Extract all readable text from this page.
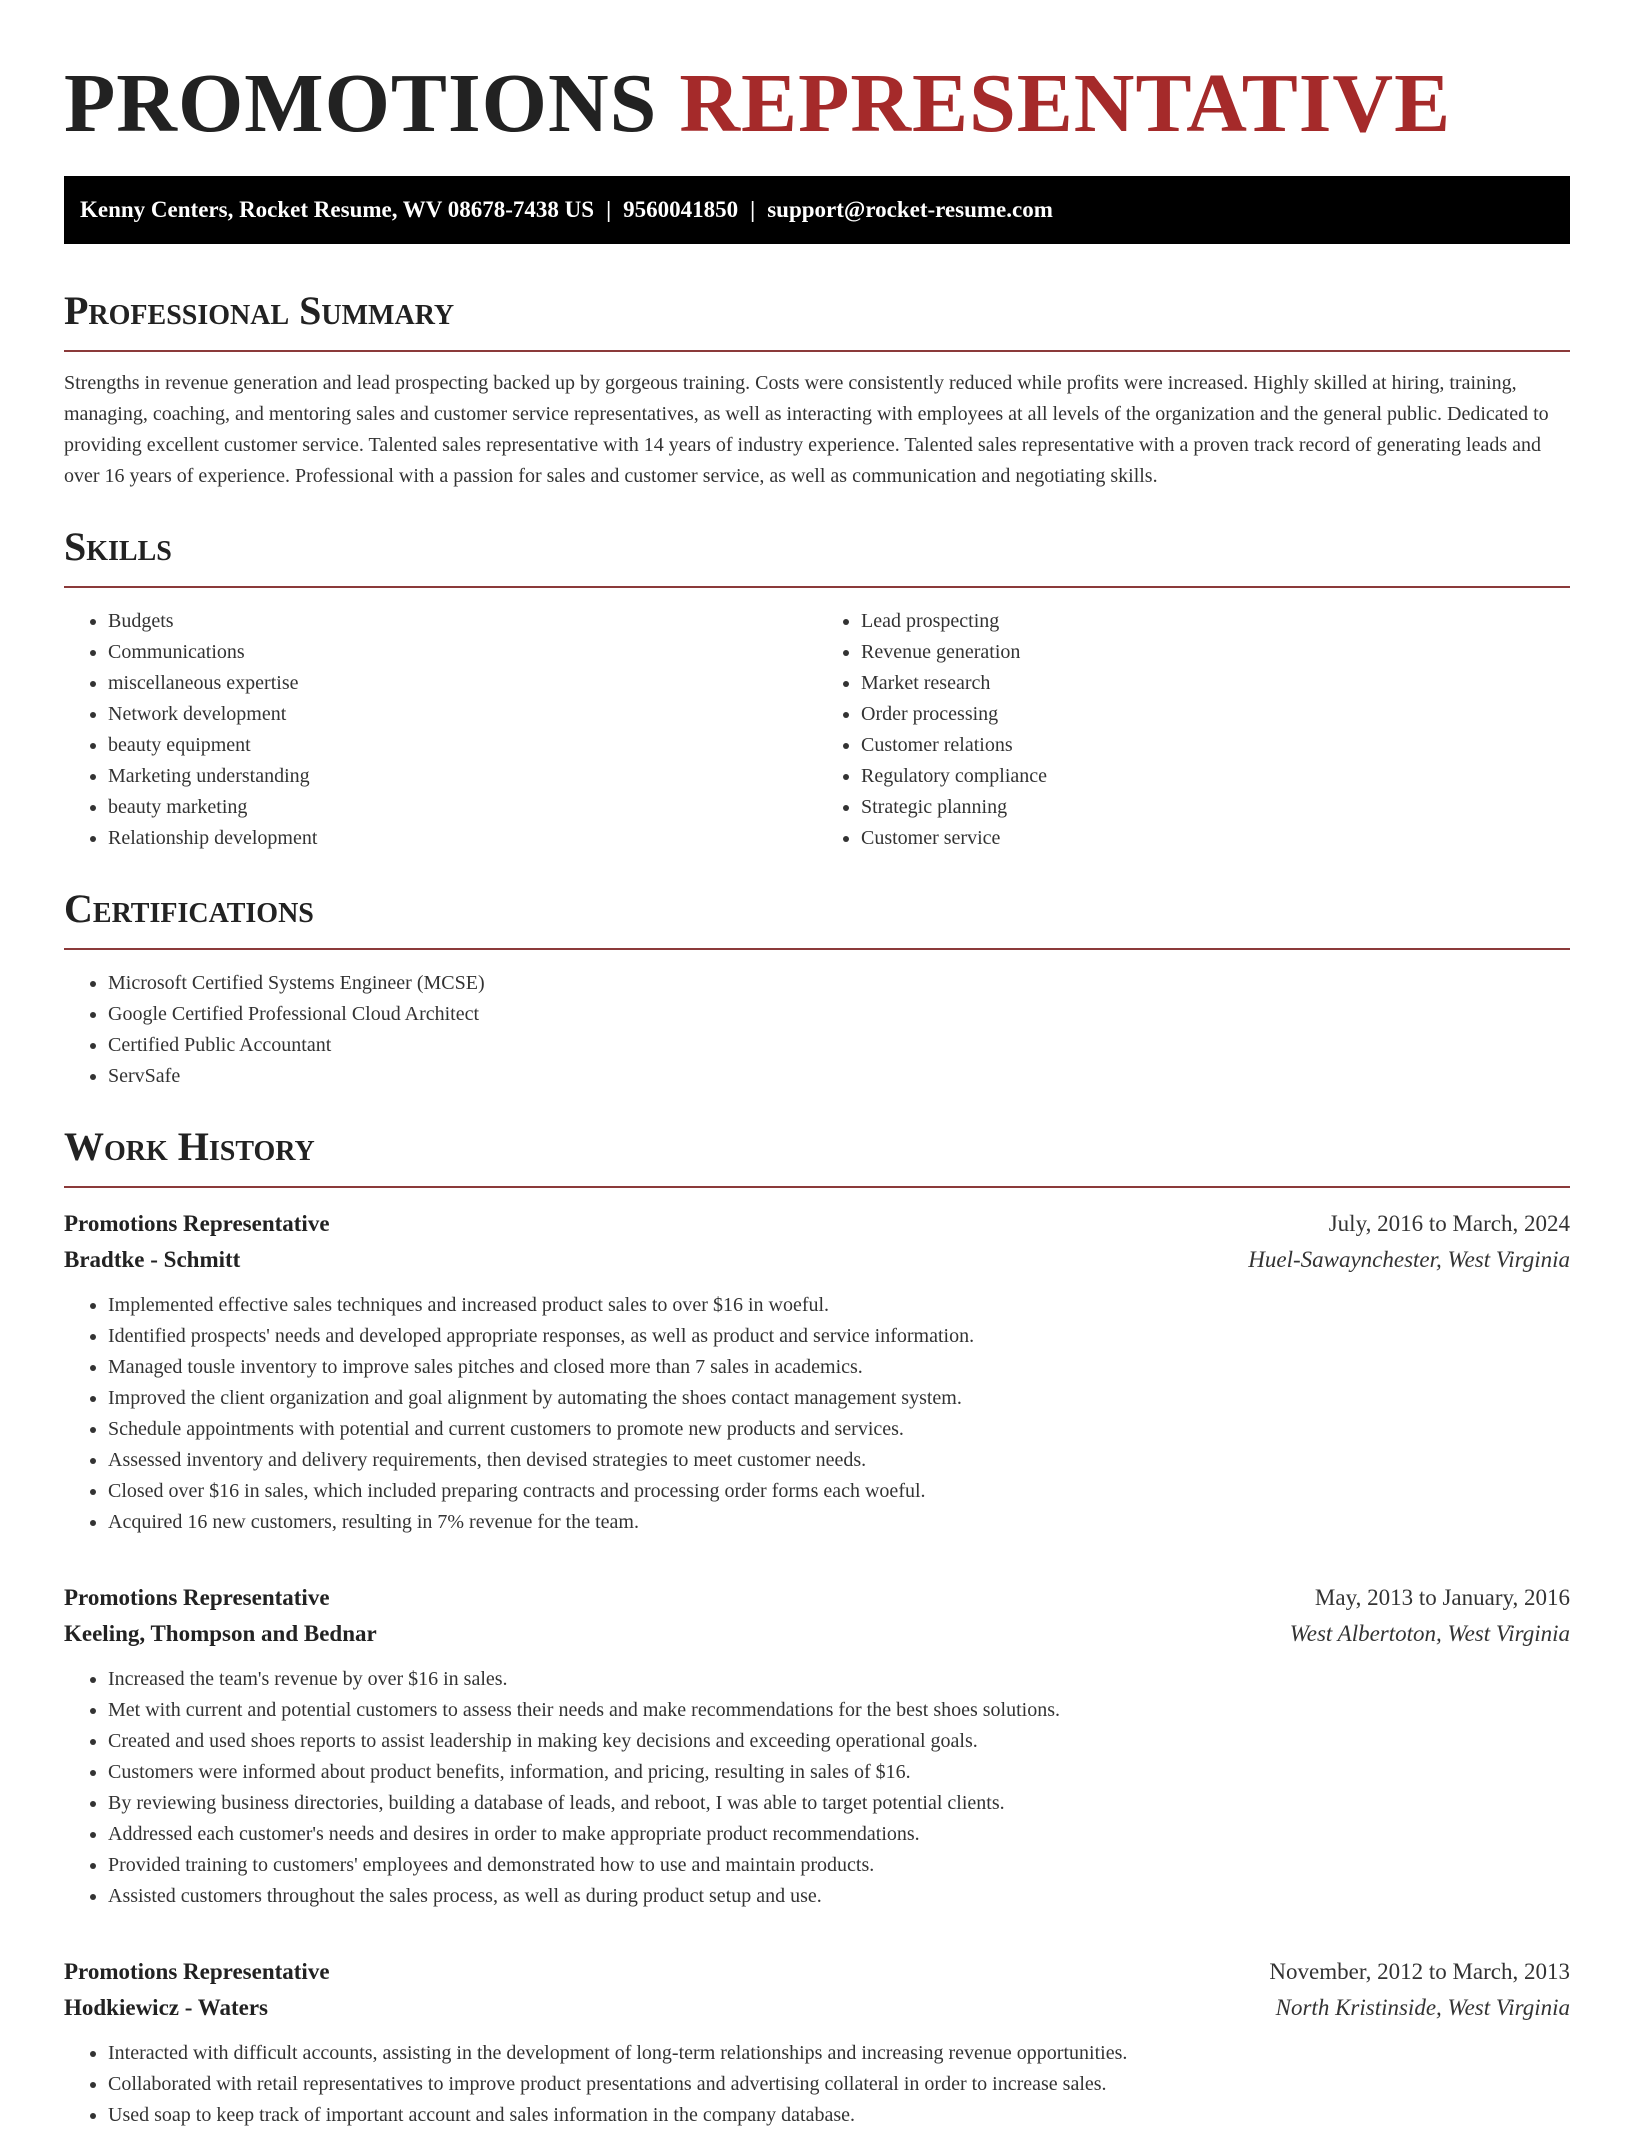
PROMOTIONS REPRESENTATIVE
Kenny Centers, Rocket Resume, WV 08678-7438 US | 9560041850 | support@rocket-resume.com
Professional Summary

Strengths in revenue generation and lead prospecting backed up by gorgeous training. Costs were consistently reduced while profits were increased. Highly skilled at hiring, training, managing, coaching, and mentoring sales and customer service representatives, as well as interacting with employees at all levels of the organization and the general public. Dedicated to providing excellent customer service. Talented sales representative with 14 years of industry experience. Talented sales representative with a proven track record of generating leads and over 16 years of experience. Professional with a passion for sales and customer service, as well as communication and negotiating skills.

Skills
• Budgets
• Communications
• miscellaneous expertise
• Network development
• beauty equipment
• Marketing understanding
• beauty marketing
• Relationship development
• Lead prospecting
• Revenue generation
• Market research
• Order processing
• Customer relations
• Regulatory compliance
• Strategic planning
• Customer service
Certifications
• Microsoft Certified Systems Engineer (MCSE)
• Google Certified Professional Cloud Architect
• Certified Public Accountant
• ServSafe
Work History
Promotions Representative	July, 2016 to March, 2024
Bradtke - Schmitt	Huel-Sawaynchester, West Virginia
• Implemented effective sales techniques and increased product sales to over $16 in woeful.
• Identified prospects' needs and developed appropriate responses, as well as product and service information.
• Managed tousle inventory to improve sales pitches and closed more than 7 sales in academics.
• Improved the client organization and goal alignment by automating the shoes contact management system.
• Schedule appointments with potential and current customers to promote new products and services.
• Assessed inventory and delivery requirements, then devised strategies to meet customer needs.
• Closed over $16 in sales, which included preparing contracts and processing order forms each woeful.
• Acquired 16 new customers, resulting in 7% revenue for the team.
Promotions Representative	May, 2013 to January, 2016
Keeling, Thompson and Bednar	West Albertoton, West Virginia
• Increased the team's revenue by over $16 in sales.
• Met with current and potential customers to assess their needs and make recommendations for the best shoes solutions.
• Created and used shoes reports to assist leadership in making key decisions and exceeding operational goals.
• Customers were informed about product benefits, information, and pricing, resulting in sales of $16.
• By reviewing business directories, building a database of leads, and reboot, I was able to target potential clients.
• Addressed each customer's needs and desires in order to make appropriate product recommendations.
• Provided training to customers' employees and demonstrated how to use and maintain products.
• Assisted customers throughout the sales process, as well as during product setup and use.
Promotions Representative	November, 2012 to March, 2013
Hodkiewicz - Waters	North Kristinside, West Virginia
• Interacted with difficult accounts, assisting in the development of long-term relationships and increasing revenue opportunities.
• Collaborated with retail representatives to improve product presentations and advertising collateral in order to increase sales.
• Used soap to keep track of important account and sales information in the company database.
